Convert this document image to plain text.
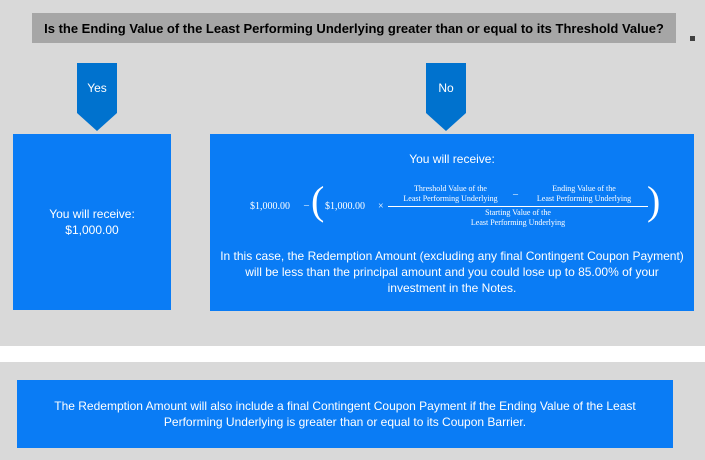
Is the Ending Value of the Least Performing Underlying greater than or equal to its Threshold Value?
Yes	No
You will receive:
$1,000.00
You will receive:
$1,000.00 – ( $1,000.00 ×
Threshold Value of the
Least Performing Underlying	–
Ending Value of the
Least Performing Underlying
Starting Value of the
Least Performing Underlying	)
In this case, the Redemption Amount (excluding any final Contingent Coupon Payment) will be less than the principal amount and you could lose up to 85.00% of your investment in the Notes.
The Redemption Amount will also include a final Contingent Coupon Payment if the Ending Value of the Least Performing Underlying is greater than or equal to its Coupon Barrier.
